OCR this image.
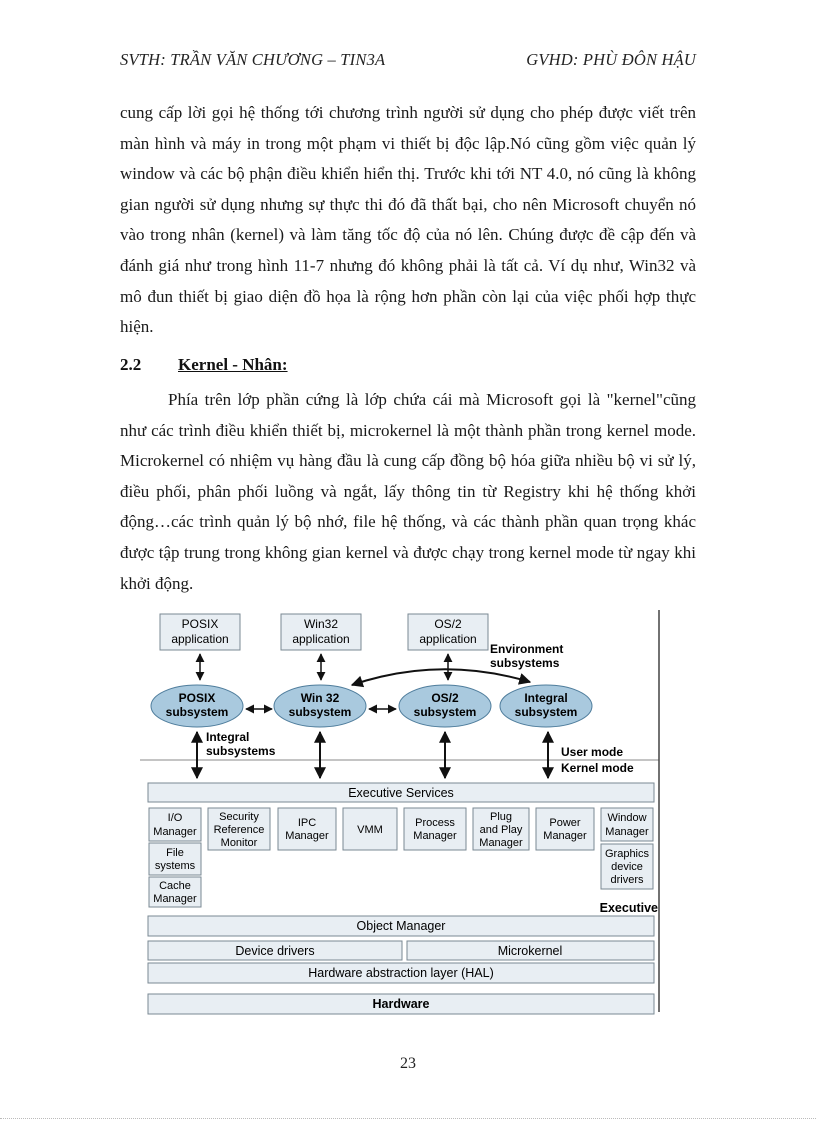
SVTH: TRẦN VĂN CHƯƠNG – TIN3A	GVHD: PHÙ ĐÔN HẬU

cung cấp lời gọi hệ thống tới chương trình người sử dụng cho phép được viết trên màn hình và máy in trong một phạm vi thiết bị độc lập.Nó cũng gồm việc quản lý window và các bộ phận điều khiển hiển thị. Trước khi tới NT 4.0, nó cũng là không gian người sử dụng nhưng sự thực thi đó đã thất bại, cho nên Microsoft chuyển nó vào trong nhân (kernel) và làm tăng tốc độ của nó lên. Chúng được đề cập đến và đánh giá như trong hình 11-7 nhưng đó không phải là tất cả. Ví dụ như, Win32 và mô đun thiết bị giao diện đồ họa là rộng hơn phần còn lại của việc phối hợp thực hiện.

2.2 Kernel - Nhân:

Phía trên lớp phần cứng là lớp chứa cái mà Microsoft gọi là "kernel"cũng như các trình điều khiển thiết bị, microkernel là một thành phần trong kernel mode. Microkernel có nhiệm vụ hàng đầu là cung cấp đồng bộ hóa giữa nhiều bộ vi sử lý, điều phối, phân phối luồng và ngắt, lấy thông tin từ Registry khi hệ thống khởi động…các trình quản lý bộ nhớ, file hệ thống, và các thành phần quan trọng khác được tập trung trong không gian kernel và được chạy trong kernel mode từ ngay khi khởi động.

POSIX
application
Win32
application
OS/2
application
Environment
subsystems
POSIX
subsystem
Win 32
subsystem
OS/2
subsystem
Integral
subsystem
Integral
subsystems	User mode
Kernel mode
Executive Services
I/O
Manager
File
systems
Cache
Manager
Security
Reference
Monitor
IPC
Manager	VMM
Process
Manager
Plug
and Play
Manager
Power
Manager
Window
Manager
Graphics
device
drivers
Executive
Object Manager
Device drivers	Microkernel
Hardware abstraction layer (HAL)
Hardware
23
